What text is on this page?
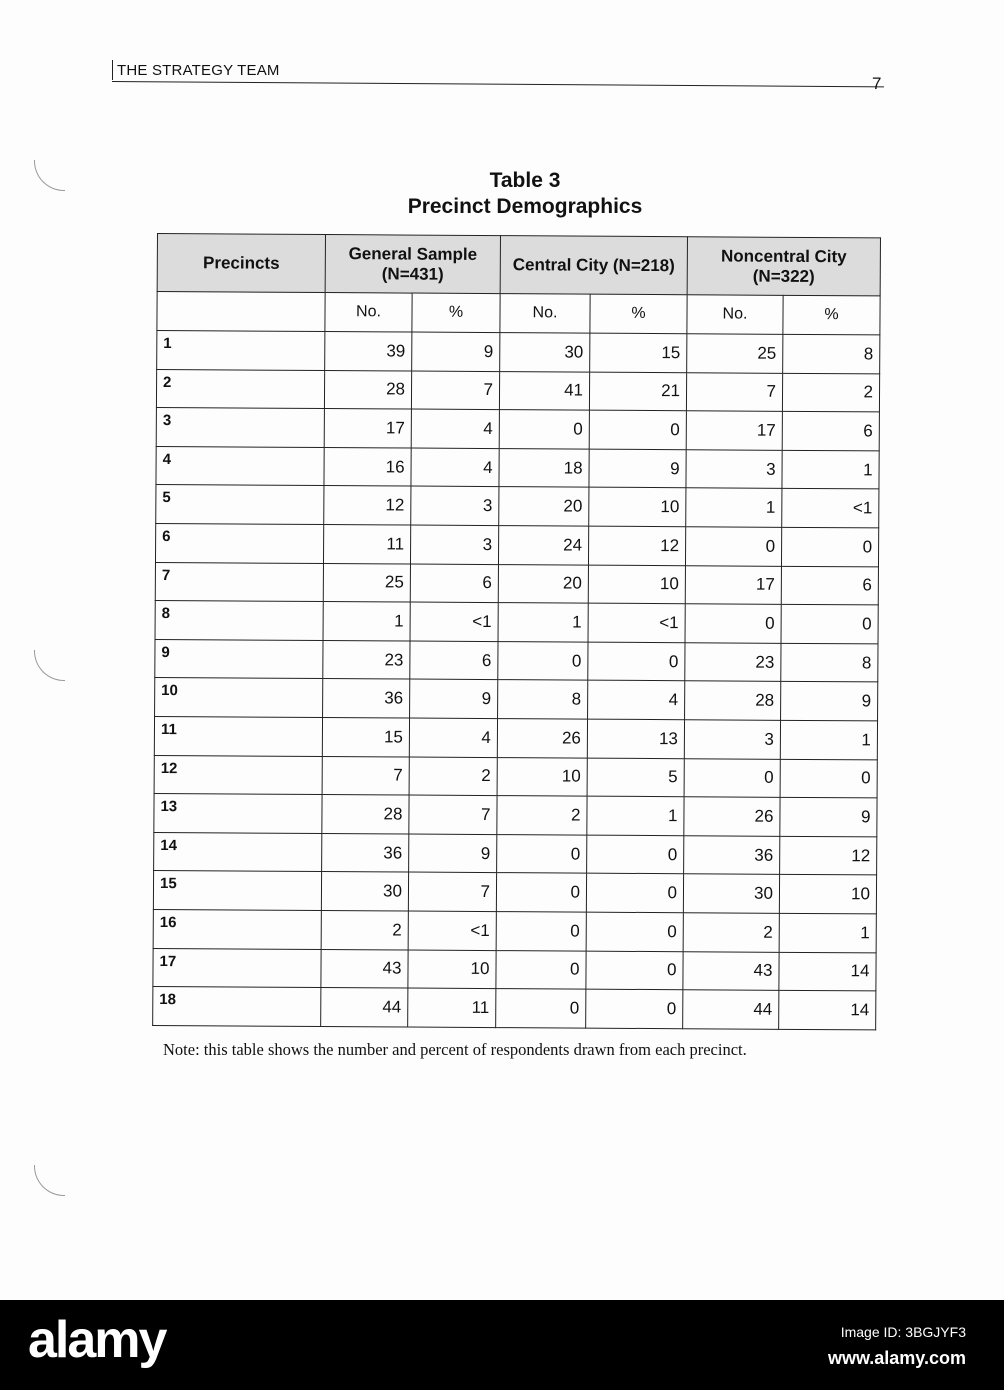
THE STRATEGY TEAM
7
Table 3
Precinct Demographics
Precincts	General Sample (N=431)		Central City (N=218)		Noncentral City (N=322)	
	No.	%	No.	%	No.	%
1	39	9	30	15	25	8
2	28	7	41	21	7	2
3	17	4	0	0	17	6
4	16	4	18	9	3	1
5	12	3	20	10	1	<1
6	11	3	24	12	0	0
7	25	6	20	10	17	6
8	1	<1	1	<1	0	0
9	23	6	0	0	23	8
10	36	9	8	4	28	9
11	15	4	26	13	3	1
12	7	2	10	5	0	0
13	28	7	2	1	26	9
14	36	9	0	0	36	12
15	30	7	0	0	30	10
16	2	<1	0	0	2	1
17	43	10	0	0	43	14
18	44	11	0	0	44	14
Note: this table shows the number and percent of respondents drawn from each precinct.
alamy	Image ID: 3BGJYF3
www.alamy.com
